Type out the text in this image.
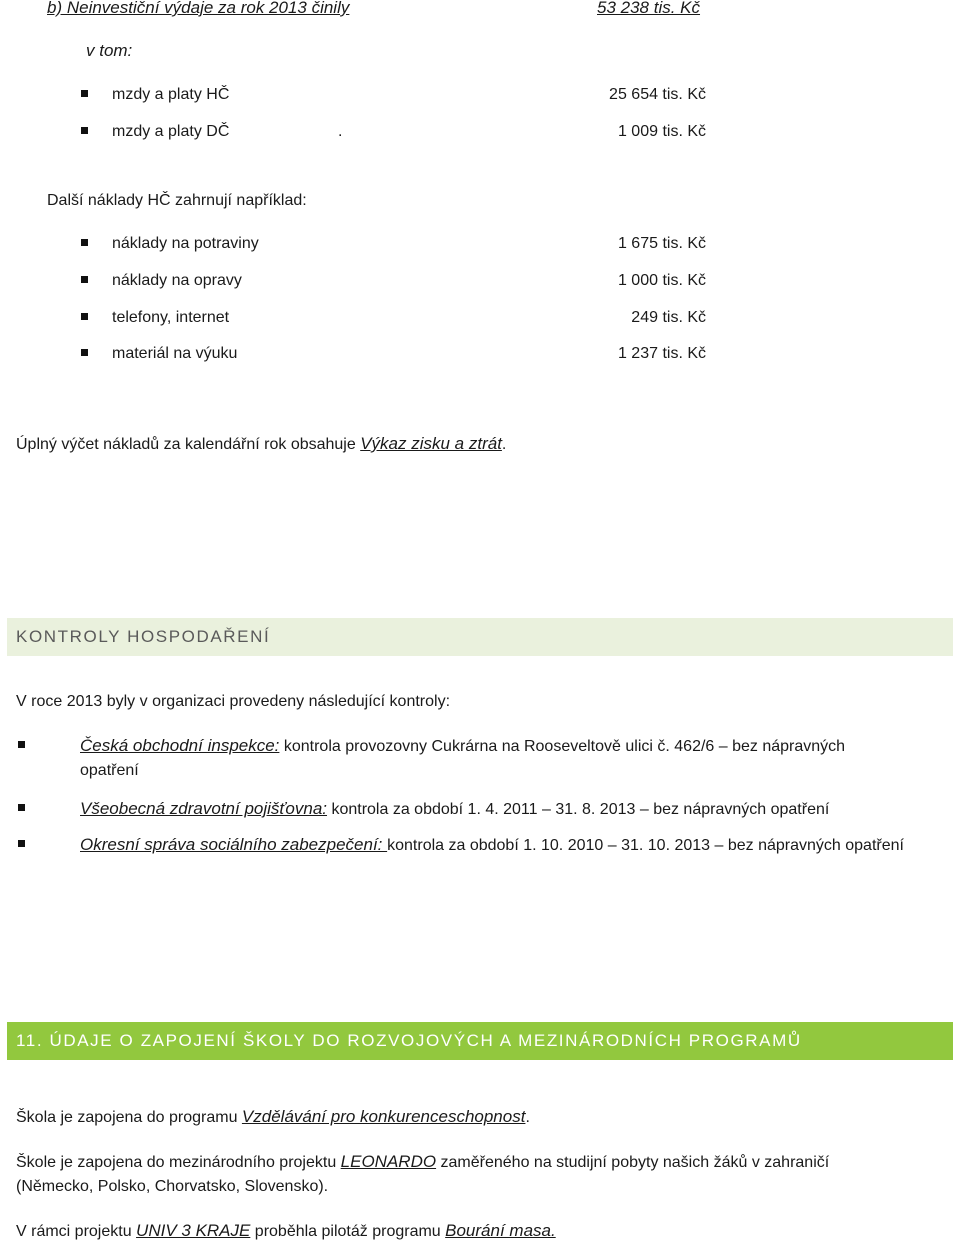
b) Neinvestiční výdaje za rok 2013 činily	53 238 tis. Kč
v tom:
mzdy a platy HČ	25 654 tis. Kč
mzdy a platy DČ	.	1 009 tis. Kč
Další náklady HČ zahrnují například:
náklady na potraviny	1 675 tis. Kč
náklady na opravy	1 000 tis. Kč
telefony, internet	249 tis. Kč
materiál na výuku	1 237 tis. Kč
Úplný výčet nákladů za kalendářní rok obsahuje Výkaz zisku a ztrát.
KONTROLY HOSPODAŘENÍ
V roce 2013 byly v organizaci provedeny následující kontroly:
Česká obchodní inspekce: kontrola provozovny Cukrárna na Rooseveltově ulici č. 462/6 – bez nápravných
opatření
Všeobecná zdravotní pojišťovna: kontrola za období 1. 4. 2011 – 31. 8. 2013 – bez nápravných opatření
Okresní správa sociálního zabezpečení: kontrola za období 1. 10. 2010 – 31. 10. 2013 – bez nápravných opatření
11. ÚDAJE O ZAPOJENÍ ŠKOLY DO ROZVOJOVÝCH A MEZINÁRODNÍCH PROGRAMŮ
Škola je zapojena do programu Vzdělávání pro konkurenceschopnost.
Škole je zapojena do mezinárodního projektu LEONARDO zaměřeného na studijní pobyty našich žáků v zahraničí
(Německo, Polsko, Chorvatsko, Slovensko).
V rámci projektu UNIV 3 KRAJE proběhla pilotáž programu Bourání masa.
